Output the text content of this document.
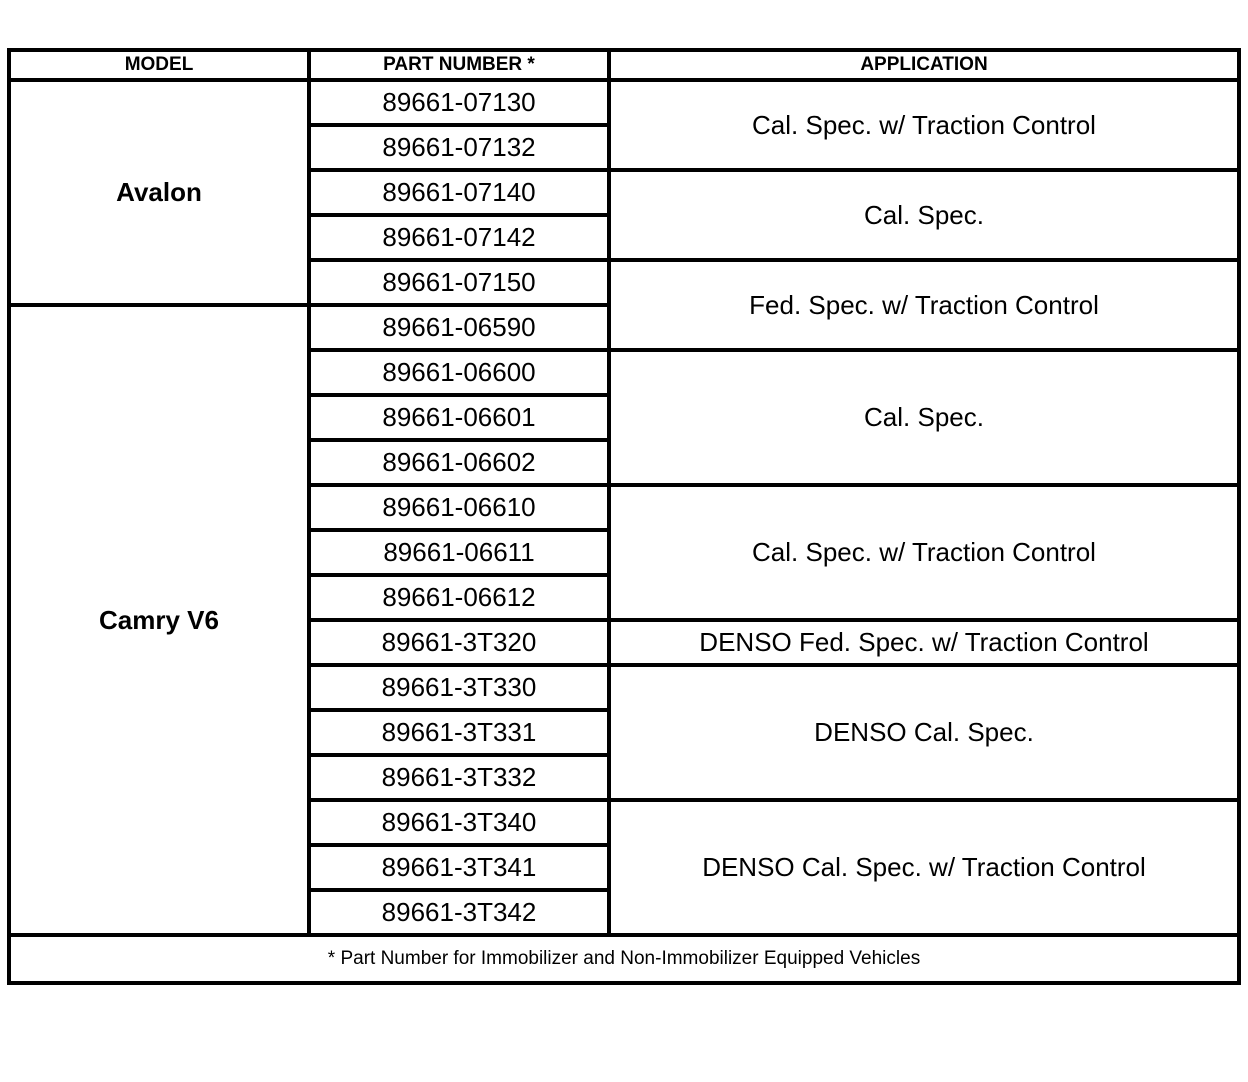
MODEL	PART NUMBER *	APPLICATION
Avalon	89661-07130	Cal. Spec. w/ Traction Control
	89661-07132	
	89661-07140	Cal. Spec.
	89661-07142	
	89661-07150	Fed. Spec. w/ Traction Control
Camry V6	89661-06590	
	89661-06600	Cal. Spec.
	89661-06601	
	89661-06602	
	89661-06610	Cal. Spec. w/ Traction Control
	89661-06611	
	89661-06612	
	89661-3T320	DENSO Fed. Spec. w/ Traction Control
	89661-3T330	DENSO Cal. Spec.
	89661-3T331	
	89661-3T332	
	89661-3T340	DENSO Cal. Spec. w/ Traction Control
	89661-3T341	
	89661-3T342	
* Part Number for Immobilizer and Non-Immobilizer Equipped Vehicles		
